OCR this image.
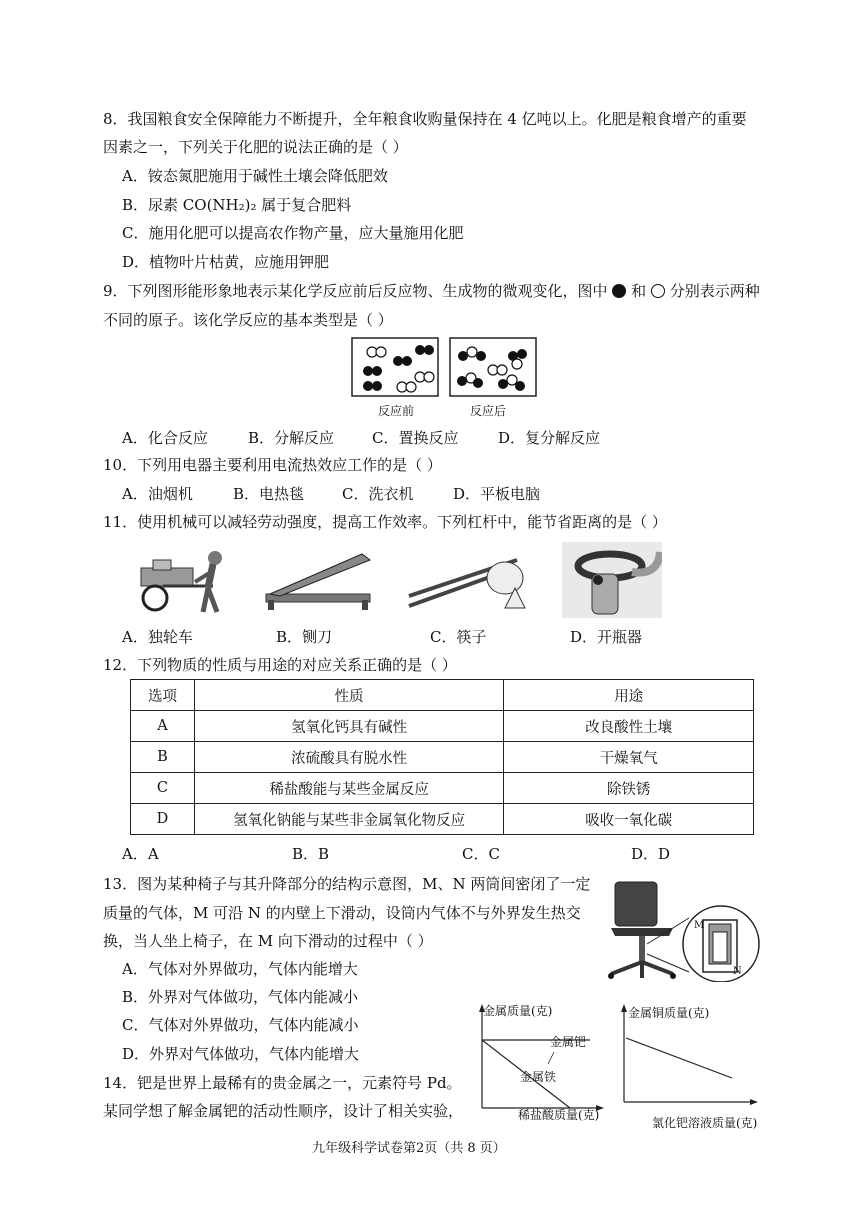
8．我国粮食安全保障能力不断提升，全年粮食收购量保持在 4 亿吨以上。化肥是粮食增产的重要
因素之一，下列关于化肥的说法正确的是（ ）
A．铵态氮肥施用于碱性土壤会降低肥效
B．尿素 CO(NH₂)₂ 属于复合肥料
C．施用化肥可以提高农作物产量，应大量施用化肥
D．植物叶片枯黄，应施用钾肥
9．下列图形能形象地表示某化学反应前后反应物、生成物的微观变化，图中 和 分别表示两种
不同的原子。该化学反应的基本类型是（ ）
反应前	反应后
A．化合反应	B．分解反应	C．置换反应	D．复分解反应
10．下列用电器主要利用电流热效应工作的是（ ）
A．油烟机	B．电热毯	C．洗衣机	D．平板电脑
11．使用机械可以减轻劳动强度，提高工作效率。下列杠杆中，能节省距离的是（ ）
A．独轮车	B．铡刀	C．筷子	D．开瓶器
12．下列物质的性质与用途的对应关系正确的是（ ）
选项	性质	用途
A	氢氧化钙具有碱性	改良酸性土壤
B	浓硫酸具有脱水性	干燥氧气
C	稀盐酸能与某些金属反应	除铁锈
D	氢氧化钠能与某些非金属氧化物反应	吸收一氧化碳
A．A	B．B	C．C	D．D
13．图为某种椅子与其升降部分的结构示意图，M、N 两筒间密闭了一定
质量的气体，M 可沿 N 的内壁上下滑动，设筒内气体不与外界发生热交
换，当人坐上椅子，在 M 向下滑动的过程中（ ）
M
N
A．气体对外界做功，气体内能增大
B．外界对气体做功，气体内能减小
C．气体对外界做功，气体内能减小
D．外界对气体做功，气体内能增大
14．钯是世界上最稀有的贵金属之一，元素符号 Pd。
某同学想了解金属钯的活动性顺序，设计了相关实验，
金属质量(克)
金属钯
金属铁
稀盐酸质量(克)
金属铜质量(克)
氯化钯溶液质量(克)
九年级科学试卷第2页（共 8 页）
